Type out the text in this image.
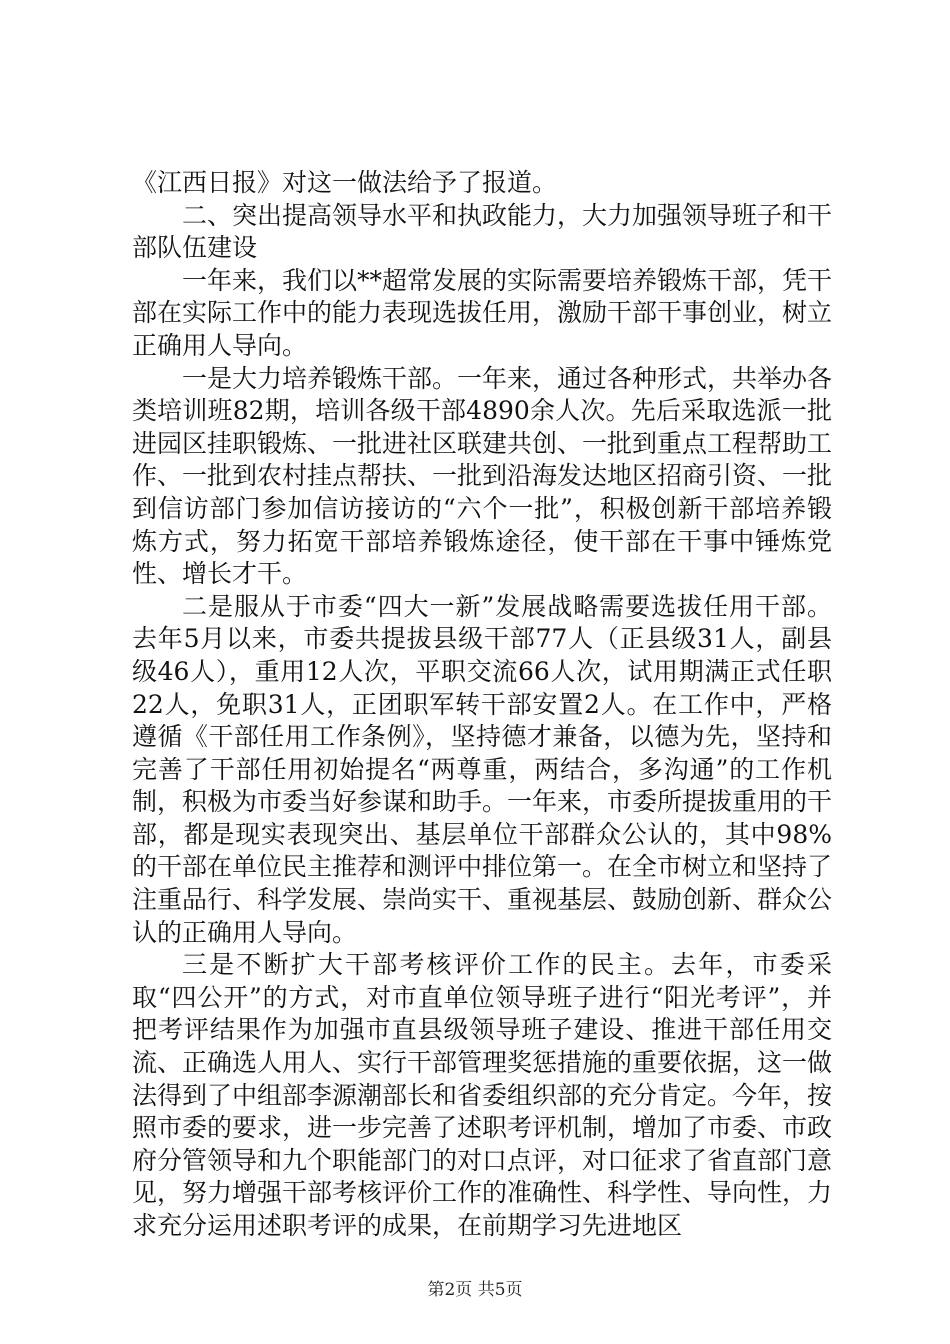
《江西日报》对这一做法给予了报道。

二、突出提高领导水平和执政能力，大力加强领导班子和干部队伍建设

一年来，我们以**超常发展的实际需要培养锻炼干部，凭干部在实际工作中的能力表现选拔任用，激励干部干事创业，树立正确用人导向。

一是大力培养锻炼干部。一年来，通过各种形式，共举办各类培训班82期，培训各级干部4890余人次。先后采取选派一批进园区挂职锻炼、一批进社区联建共创、一批到重点工程帮助工作、一批到农村挂点帮扶、一批到沿海发达地区招商引资、一批到信访部门参加信访接访的“六个一批”，积极创新干部培养锻炼方式，努力拓宽干部培养锻炼途径，使干部在干事中锤炼党性、增长才干。

二是服从于市委“四大一新”发展战略需要选拔任用干部。去年5月以来，市委共提拔县级干部77人（正县级31人，副县级46人），重用12人次，平职交流66人次，试用期满正式任职22人，免职31人，正团职军转干部安置2人。在工作中，严格遵循《干部任用工作条例》，坚持德才兼备，以德为先，坚持和完善了干部任用初始提名“两尊重，两结合，多沟通”的工作机制，积极为市委当好参谋和助手。一年来，市委所提拔重用的干部，都是现实表现突出、基层单位干部群众公认的，其中98%的干部在单位民主推荐和测评中排位第一。在全市树立和坚持了注重品行、科学发展、崇尚实干、重视基层、鼓励创新、群众公认的正确用人导向。

三是不断扩大干部考核评价工作的民主。去年，市委采取“四公开”的方式，对市直单位领导班子进行“阳光考评”，并把考评结果作为加强市直县级领导班子建设、推进干部任用交流、正确选人用人、实行干部管理奖惩措施的重要依据，这一做法得到了中组部李源潮部长和省委组织部的充分肯定。今年，按照市委的要求，进一步完善了述职考评机制，增加了市委、市政府分管领导和九个职能部门的对口点评，对口征求了省直部门意见，努力增强干部考核评价工作的准确性、科学性、导向性，力求充分运用述职考评的成果，在前期学习先进地区

第2页 共5页
